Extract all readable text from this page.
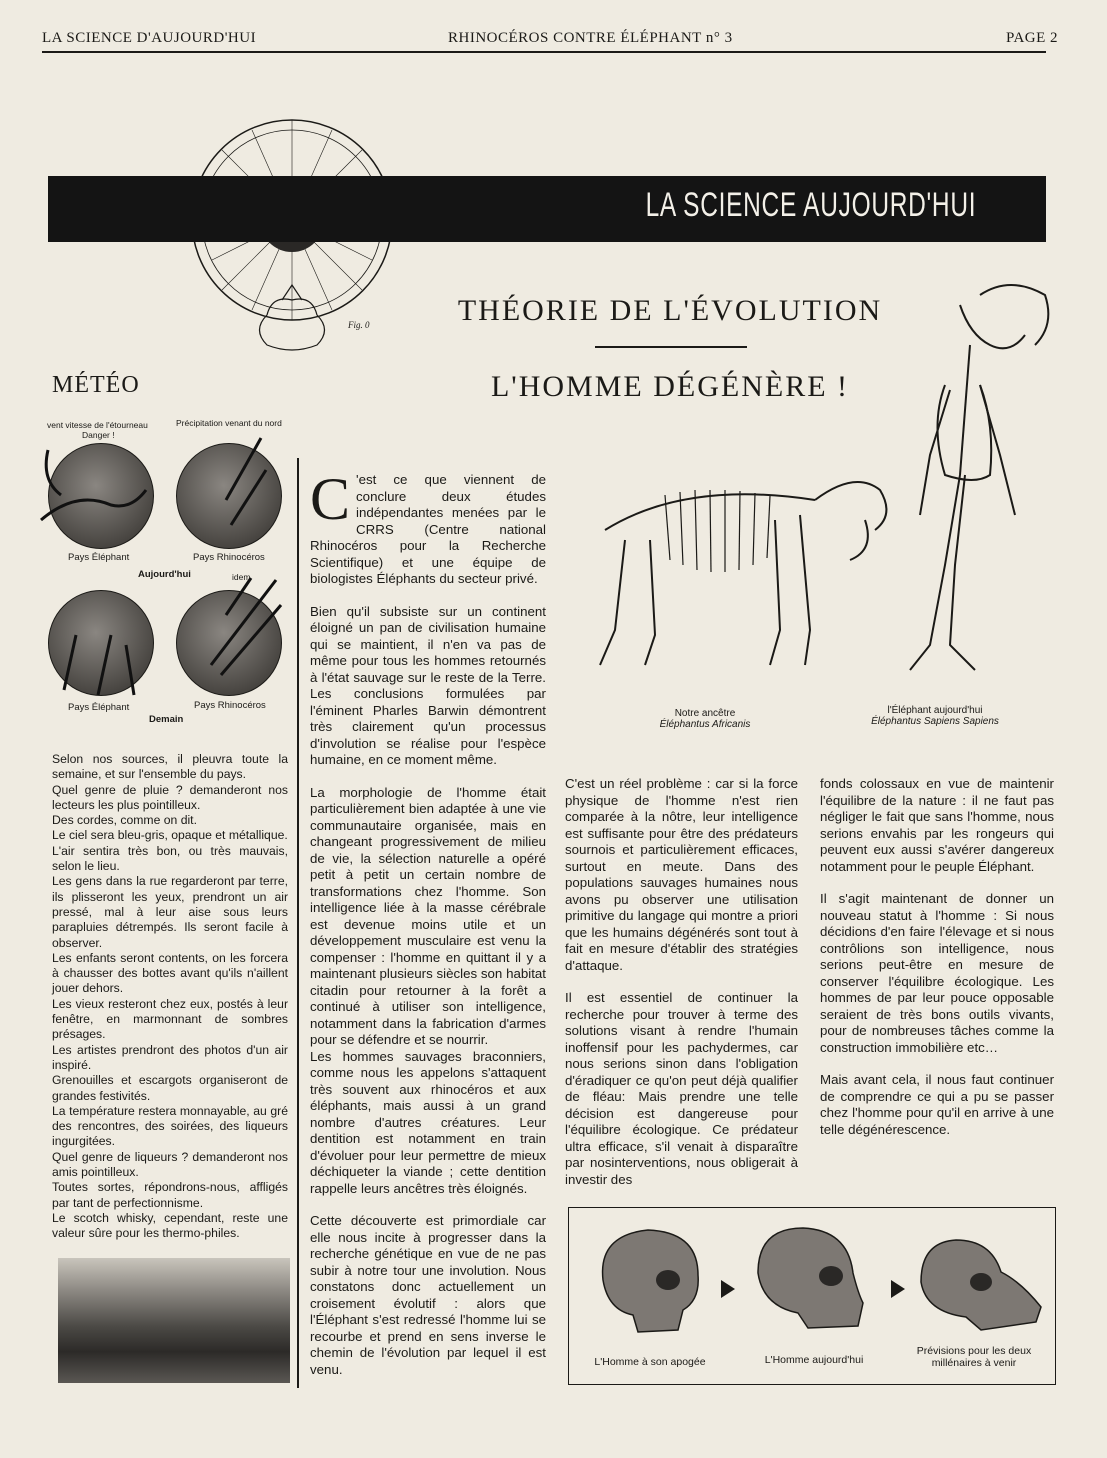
LA SCIENCE D'AUJOURD'HUI	RHINOCÉROS CONTRE ÉLÉPHANT n° 3	PAGE 2
Fig. 0
LA SCIENCE AUJOURD'HUI
THÉORIE DE L'ÉVOLUTION
L'HOMME DÉGÉNÈRE !
MÉTÉO
vent vitesse de l'étourneau
Danger !
Précipitation venant du nord
idem
Pays Éléphant	Pays Rhinocéros
Aujourd'hui
Pays Éléphant	Pays Rhinocéros
Demain
Selon nos sources, il pleuvra toute la semaine, et sur l'ensemble du pays.
Quel genre de pluie ? demanderont nos lecteurs les plus pointilleux.
Des cordes, comme on dit.
Le ciel sera bleu-gris, opaque et métallique.
L'air sentira très bon, ou très mauvais, selon le lieu.
Les gens dans la rue regarderont par terre, ils plisseront les yeux, prendront un air pressé, mal à leur aise sous leurs parapluies détrempés. Ils seront facile à observer.
Les enfants seront contents, on les forcera à chausser des bottes avant qu'ils n'aillent jouer dehors.
Les vieux resteront chez eux, postés à leur fenêtre, en marmonnant de sombres présages.
Les artistes prendront des photos d'un air inspiré.
Grenouilles et escargots organiseront de grandes festivités.
La température restera monnayable, au gré des rencontres, des soirées, des liqueurs ingurgitées.
Quel genre de liqueurs ? demanderont nos amis pointilleux.
Toutes sortes, répondrons-nous, affligés par tant de perfectionnisme.
Le scotch whisky, cependant, reste une valeur sûre pour les thermo-philes.

C 'est ce que viennent de conclure deux études indépendantes menées par le CRRS (Centre national Rhinocéros pour la Recherche Scientifique) et une équipe de biologistes Éléphants du secteur privé.

Bien qu'il subsiste sur un continent éloigné un pan de civilisation humaine qui se maintient, il n'en va pas de même pour tous les hommes retournés à l'état sauvage sur le reste de la Terre. Les conclusions formulées par l'éminent Pharles Barwin démontrent très clairement qu'un processus d'involution se réalise pour l'espèce humaine, en ce moment même.

La morphologie de l'homme était particulièrement bien adaptée à une vie communautaire organisée, mais en changeant progressivement de milieu de vie, la sélection naturelle a opéré petit à petit un certain nombre de transformations chez l'homme. Son intelligence liée à la masse cérébrale est devenue moins utile et un développement musculaire est venu la compenser : l'homme en quittant il y a maintenant plusieurs siècles son habitat citadin pour retourner à la forêt a continué à utiliser son intelligence, notamment dans la fabrication d'armes pour se défendre et se nourrir.

Les hommes sauvages braconniers, comme nous les appelons s'attaquent très souvent aux rhinocéros et aux éléphants, mais aussi à un grand nombre d'autres créatures. Leur dentition est notamment en train d'évoluer pour leur permettre de mieux déchiqueter la viande ; cette dentition rappelle leurs ancêtres très éloignés.

Cette découverte est primordiale car elle nous incite à progresser dans la recherche génétique en vue de ne pas subir à notre tour une involution. Nous constatons donc actuellement un croisement évolutif : alors que l'Éléphant s'est redressé l'homme lui se recourbe et prend en sens inverse le chemin de l'évolution par lequel il est venu.

Notre ancêtre
Éléphantus Africanis
l'Éléphant aujourd'hui
Éléphantus Sapiens Sapiens

C'est un réel problème : car si la force physique de l'homme n'est rien comparée à la nôtre, leur intelligence est suffisante pour être des prédateurs sournois et particulièrement efficaces, surtout en meute. Dans des populations sauvages humaines nous avons pu observer une utilisation primitive du langage qui montre a priori que les humains dégénérés sont tout à fait en mesure d'établir des stratégies d'attaque.

Il est essentiel de continuer la recherche pour trouver à terme des solutions visant à rendre l'humain inoffensif pour les pachydermes, car nous serions sinon dans l'obligation d'éradiquer ce qu'on peut déjà qualifier de fléau: Mais prendre une telle décision est dangereuse pour l'équilibre écologique. Ce prédateur ultra efficace, s'il venait à disparaître par nosinterventions, nous obligerait à investir des

fonds colossaux en vue de maintenir l'équilibre de la nature : il ne faut pas négliger le fait que sans l'homme, nous serions envahis par les rongeurs qui peuvent eux aussi s'avérer dangereux notamment pour le peuple Éléphant.

Il s'agit maintenant de donner un nouveau statut à l'homme : Si nous décidions d'en faire l'élevage et si nous contrôlions son intelligence, nous serions peut-être en mesure de conserver l'équilibre écologique. Les hommes de par leur pouce opposable seraient de très bons outils vivants, pour de nombreuses tâches comme la construction immobilière etc…

Mais avant cela, il nous faut continuer de comprendre ce qui a pu se passer chez l'homme pour qu'il en arrive à une telle dégénérescence.

L'Homme à son apogée	L'Homme aujourd'hui
Prévisions pour les deux
millénaires à venir
